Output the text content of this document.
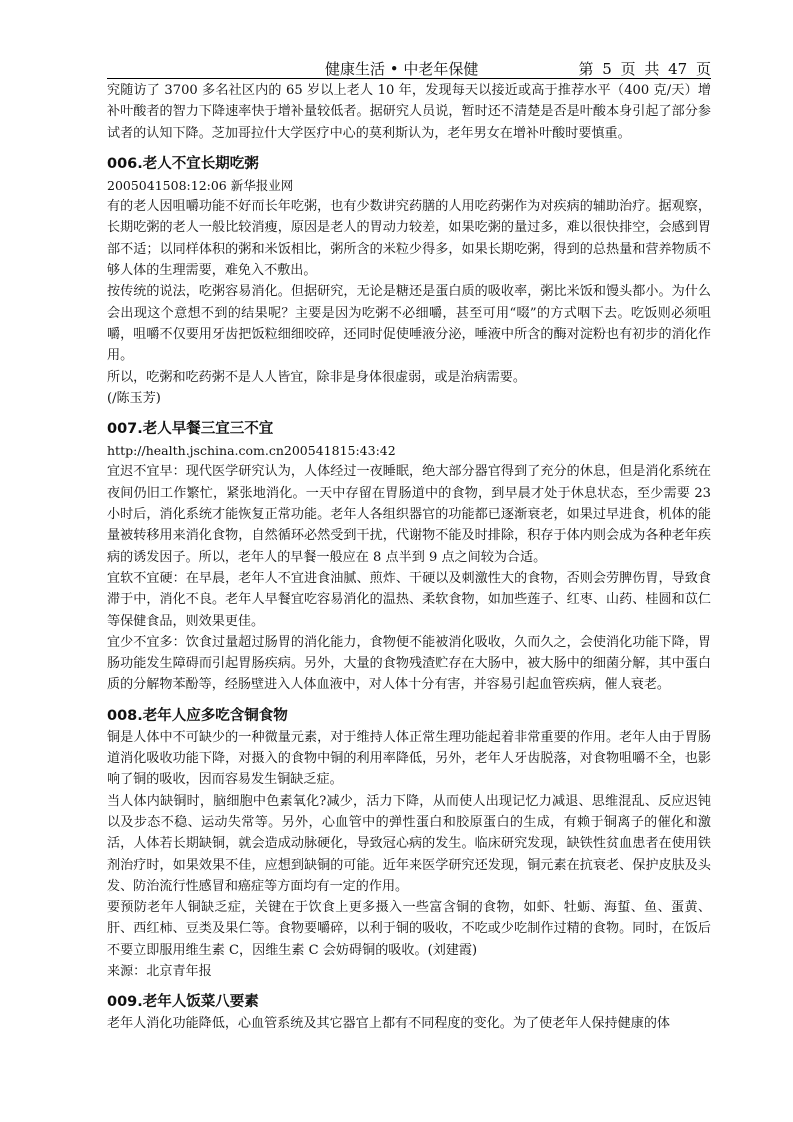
健康生活 • 中老年保健	第 5 页 共 47 页

究随访了 3700 多名社区内的 65 岁以上老人 10 年，发现每天以接近或高于推荐水平（400 克/天）增补叶酸者的智力下降速率快于增补量较低者。据研究人员说，暂时还不清楚是否是叶酸本身引起了部分参试者的认知下降。芝加哥拉什大学医疗中心的莫利斯认为，老年男女在增补叶酸时要慎重。

006.老人不宜长期吃粥

2005041508:12:06 新华报业网

有的老人因咀嚼功能不好而长年吃粥，也有少数讲究药膳的人用吃药粥作为对疾病的辅助治疗。据观察，长期吃粥的老人一般比较消瘦，原因是老人的胃动力较差，如果吃粥的量过多，难以很快排空，会感到胃部不适；以同样体积的粥和米饭相比，粥所含的米粒少得多，如果长期吃粥，得到的总热量和营养物质不够人体的生理需要，难免入不敷出。

按传统的说法，吃粥容易消化。但据研究，无论是糖还是蛋白质的吸收率，粥比米饭和馒头都小。为什么会出现这个意想不到的结果呢？主要是因为吃粥不必细嚼，甚至可用“啜”的方式咽下去。吃饭则必须咀嚼，咀嚼不仅要用牙齿把饭粒细细咬碎，还同时促使唾液分泌，唾液中所含的酶对淀粉也有初步的消化作用。

所以，吃粥和吃药粥不是人人皆宜，除非是身体很虚弱，或是治病需要。

(/陈玉芳)

007.老人早餐三宜三不宜

http://health.jschina.com.cn200541815:43:42

宜迟不宜早：现代医学研究认为，人体经过一夜睡眠，绝大部分器官得到了充分的休息，但是消化系统在夜间仍旧工作繁忙，紧张地消化。一天中存留在胃肠道中的食物，到早晨才处于休息状态，至少需要 23 小时后，消化系统才能恢复正常功能。老年人各组织器官的功能都已逐渐衰老，如果过早进食，机体的能量被转移用来消化食物，自然循环必然受到干扰，代谢物不能及时排除，积存于体内则会成为各种老年疾病的诱发因子。所以，老年人的早餐一般应在 8 点半到 9 点之间较为合适。

宜软不宜硬：在早晨，老年人不宜进食油腻、煎炸、干硬以及刺激性大的食物，否则会劳脾伤胃，导致食滞于中，消化不良。老年人早餐宜吃容易消化的温热、柔软食物，如加些莲子、红枣、山药、桂圆和苡仁等保健食品，则效果更佳。

宜少不宜多：饮食过量超过肠胃的消化能力，食物便不能被消化吸收，久而久之，会使消化功能下降，胃肠功能发生障碍而引起胃肠疾病。另外，大量的食物残渣贮存在大肠中，被大肠中的细菌分解，其中蛋白质的分解物苯酚等，经肠壁进入人体血液中，对人体十分有害，并容易引起血管疾病，催人衰老。

008.老年人应多吃含铜食物

铜是人体中不可缺少的一种微量元素，对于维持人体正常生理功能起着非常重要的作用。老年人由于胃肠道消化吸收功能下降，对摄入的食物中铜的利用率降低，另外，老年人牙齿脱落，对食物咀嚼不全，也影响了铜的吸收，因而容易发生铜缺乏症。

当人体内缺铜时，脑细胞中色素氧化?减少，活力下降，从而使人出现记忆力减退、思维混乱、反应迟钝以及步态不稳、运动失常等。另外，心血管中的弹性蛋白和胶原蛋白的生成，有赖于铜离子的催化和激活，人体若长期缺铜，就会造成动脉硬化，导致冠心病的发生。临床研究发现，缺铁性贫血患者在使用铁剂治疗时，如果效果不佳，应想到缺铜的可能。近年来医学研究还发现，铜元素在抗衰老、保护皮肤及头发、防治流行性感冒和癌症等方面均有一定的作用。

要预防老年人铜缺乏症，关键在于饮食上更多摄入一些富含铜的食物，如虾、牡蛎、海蜇、鱼、蛋黄、肝、西红柿、豆类及果仁等。食物要嚼碎，以利于铜的吸收，不吃或少吃制作过精的食物。同时，在饭后不要立即服用维生素 C，因维生素 C 会妨碍铜的吸收。(刘建霞)

来源：北京青年报

009.老年人饭菜八要素

老年人消化功能降低，心血管系统及其它器官上都有不同程度的变化。为了使老年人保持健康的体
